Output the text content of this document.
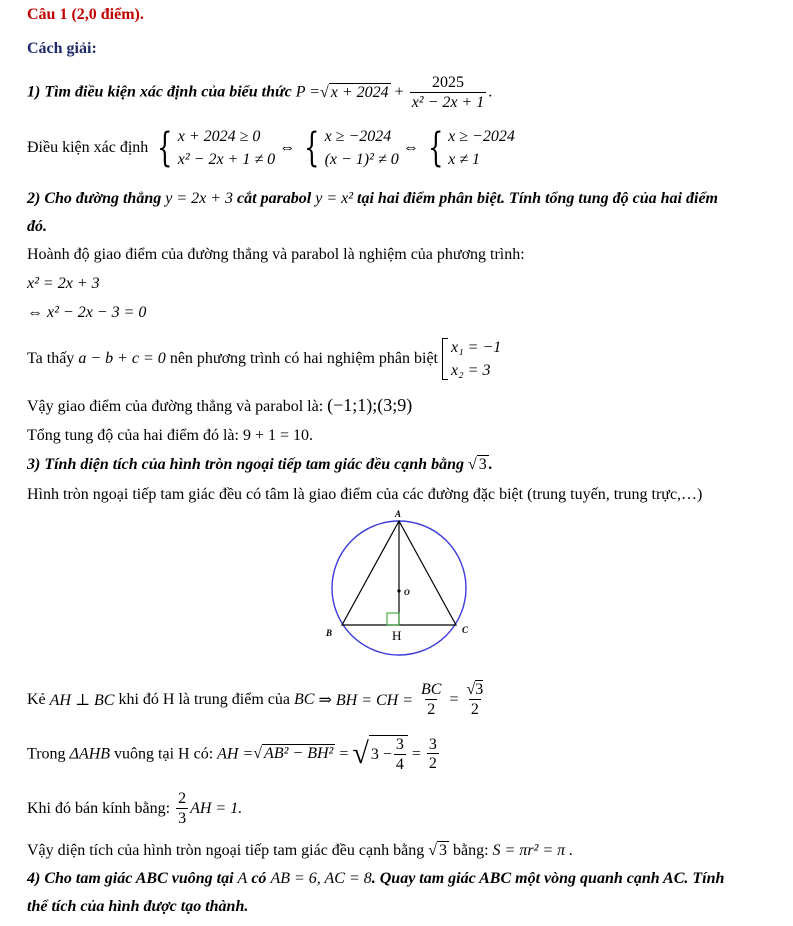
Câu 1 (2,0 điểm).
Cách giải:
1) Tìm điều kiện xác định của biểu thức P =√ $x + 2024 + \frac{2025}{\text{x² − 2x + 1}}$ .
Điều kiện xác định { x + 2024 ≥ 0
x² − 2x + 1 ≠ 0
⇔ { x ≥ −2024
(x − 1)² ≠ 0
⇔ { x ≥ −2024
x ≠ 1
2) Cho đường thẳng y = 2x + 3 cắt parabol y = x² tại hai điểm phân biệt. Tính tổng tung độ của hai điểm
đó.
Hoành độ giao điểm của đường thẳng và parabol là nghiệm của phương trình:
x² = 2x + 3
⇔ x² − 2x − 3 = 0
Ta thấy a − b + c = 0 nên phương trình có hai nghiệm phân biệt
x₁ = −1
x₂ = 3
Vậy giao điểm của đường thẳng và parabol là: (−1;1);(3;9)
Tổng tung độ của hai điểm đó là: 9 + 1 = 10.
3) Tính diện tích của hình tròn ngoại tiếp tam giác đều cạnh bằng √ 3 .
Hình tròn ngoại tiếp tam giác đều có tâm là giao điểm của các đường đặc biệt (trung tuyến, trung trực,…)
A
B	C
H
O
Kẻ AH ⊥ BC khi đó H là trung điểm của BC ⇒ BH = CH = $\frac{BC}{2} = \frac{√3}{2}$
Trong ΔAHB vuông tại H có: AH =√ AB² − BH² = √ $3 - \frac{3}{4} = \frac{3}{2}$
Khi đó bán kính bằng: $\frac{2}{3}$ AH = 1.
Vậy diện tích của hình tròn ngoại tiếp tam giác đều cạnh bằng √ 3 bằng: S = πr² = π .
4) Cho tam giác ABC vuông tại A có AB = 6, AC = 8. Quay tam giác ABC một vòng quanh cạnh AC. Tính
thể tích của hình được tạo thành.
